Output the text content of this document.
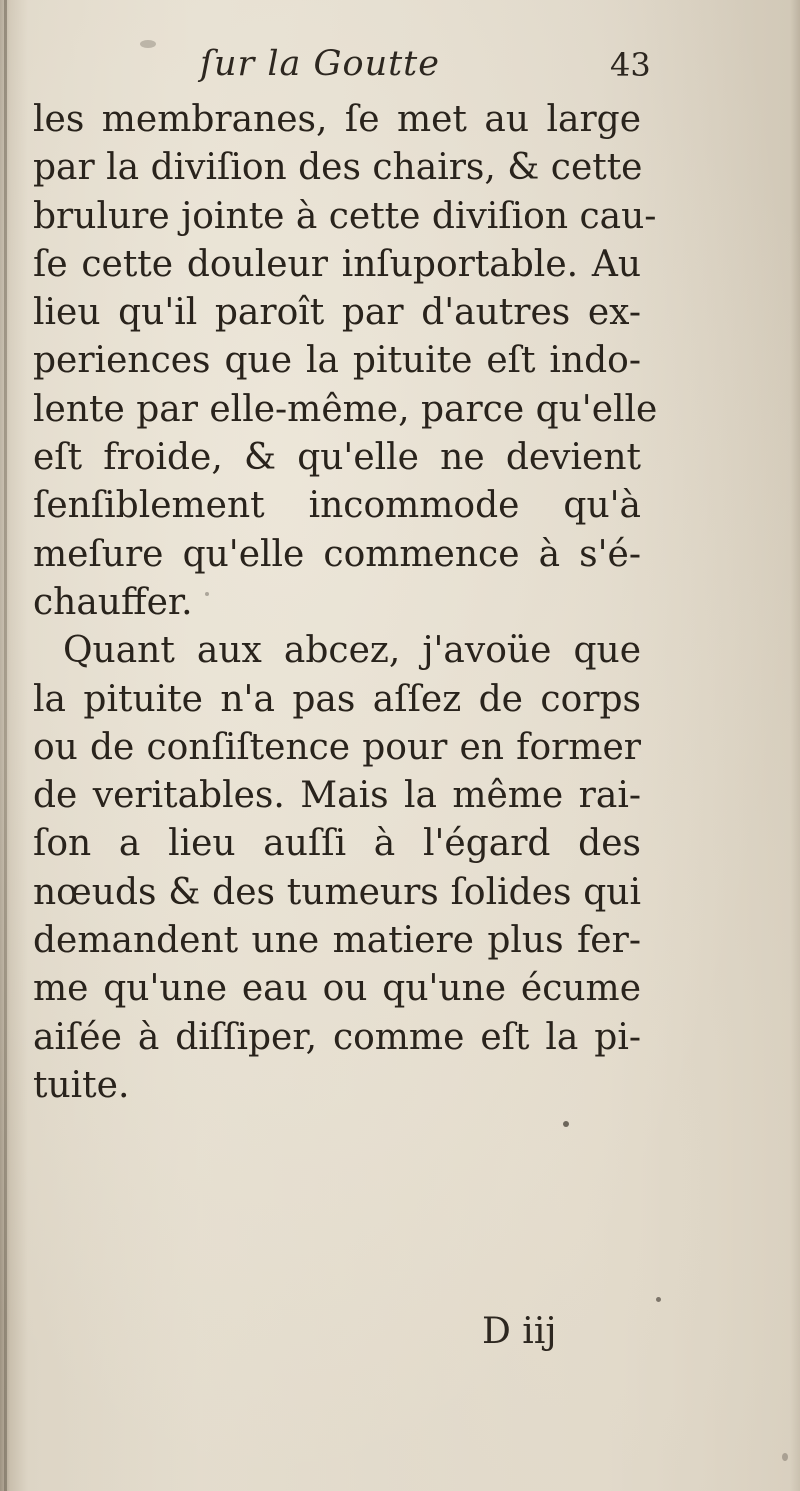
ſur la Goutte	43
les membranes, ſe met au large
par la diviſion des chairs, & cette
brulure jointe à cette diviſion cau-
ſe cette douleur inſuportable. Au
lieu qu'il paroît par d'autres ex-
periences que la pituite eſt indo-
lente par elle-même, parce qu'elle
eſt froide, & qu'elle ne devient
ſenſiblement incommode qu'à
meſure qu'elle commence à s'é-
chauffer.
Quant aux abcez, j'avoüe que
la pituite n'a pas aſſez de corps
ou de conſiſtence pour en former
de veritables. Mais la même rai-
ſon a lieu auſſi à l'égard des
nœuds & des tumeurs ſolides qui
demandent une matiere plus fer-
me qu'une eau ou qu'une écume
aiſée à diſſiper, comme eſt la pi-
tuite.
D iij
